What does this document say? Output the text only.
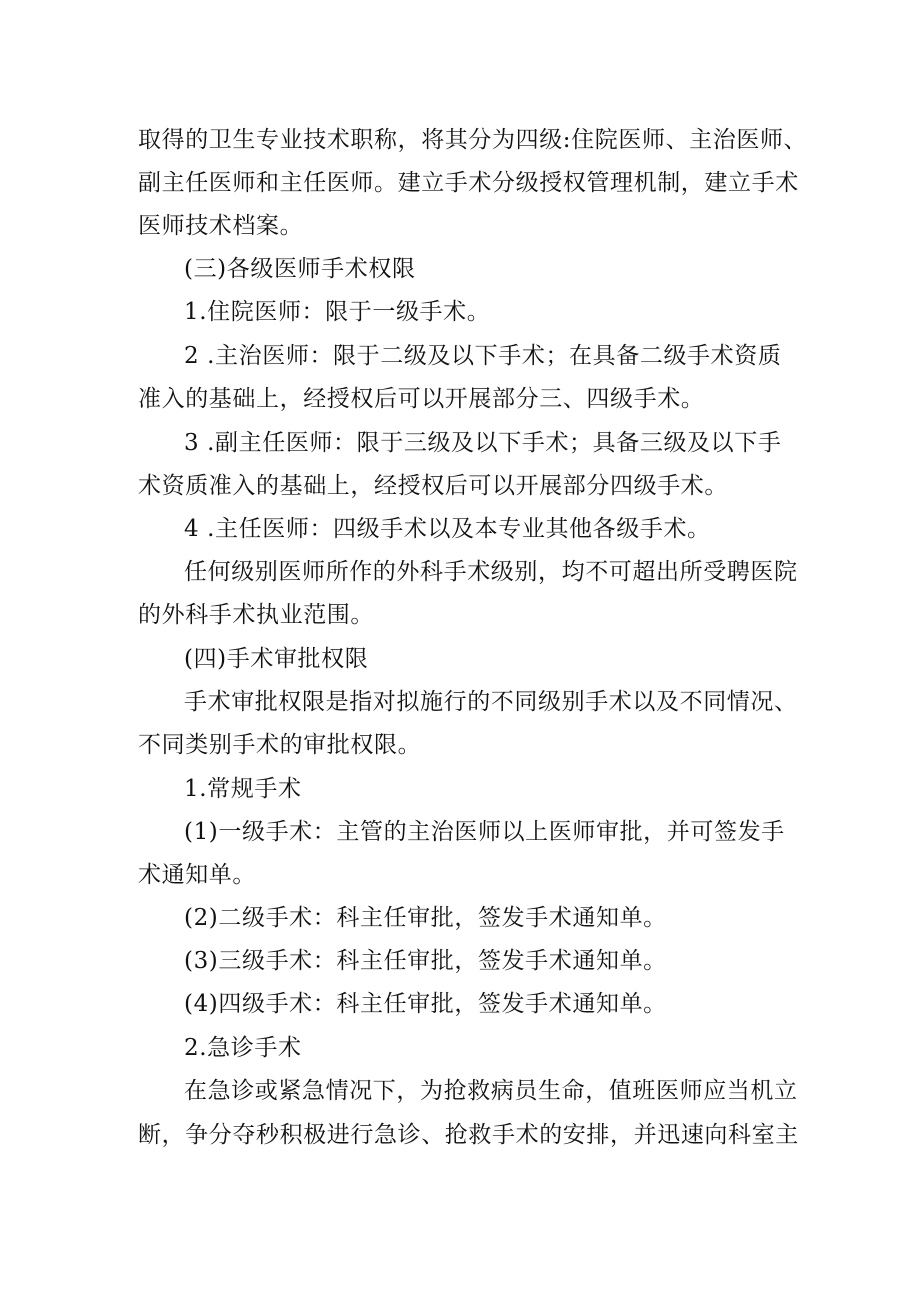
取得的卫生专业技术职称，将其分为四级:住院医师、主治医师、
副主任医师和主任医师。建立手术分级授权管理机制，建立手术
医师技术档案。
(三)各级医师手术权限
1.住院医师：限于一级手术。
2 .主治医师：限于二级及以下手术；在具备二级手术资质
准入的基础上，经授权后可以开展部分三、四级手术。
3 .副主任医师：限于三级及以下手术；具备三级及以下手
术资质准入的基础上，经授权后可以开展部分四级手术。
4 .主任医师：四级手术以及本专业其他各级手术。
任何级别医师所作的外科手术级别，均不可超出所受聘医院
的外科手术执业范围。
(四)手术审批权限
手术审批权限是指对拟施行的不同级别手术以及不同情况、
不同类别手术的审批权限。
1.常规手术
(1)一级手术：主管的主治医师以上医师审批，并可签发手
术通知单。
(2)二级手术：科主任审批，签发手术通知单。
(3)三级手术：科主任审批，签发手术通知单。
(4)四级手术：科主任审批，签发手术通知单。
2.急诊手术
在急诊或紧急情况下，为抢救病员生命，值班医师应当机立
断，争分夺秒积极进行急诊、抢救手术的安排，并迅速向科室主
